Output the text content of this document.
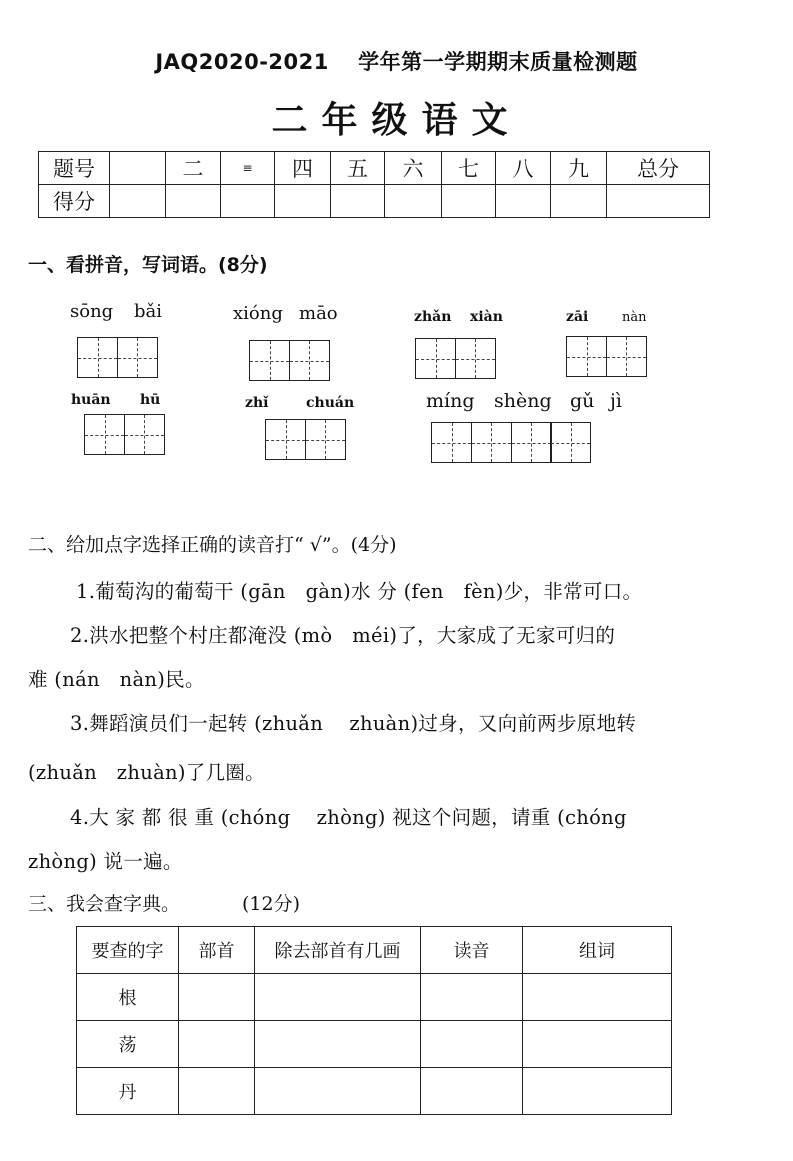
JAQ2020-2021　 学年第一学期期末质量检测题
二年级语文
题号		二	≡	四	五	六	七	八	九	总分
得分										
一、看拼音，写词语。(8分)
sōng bǎi	xióng māo	zhǎn xiàn	zāi	nàn
huān hū	zhǐ	chuán	míng shèng gǔ jì
二、给加点字选择正确的读音打“ √”。(4分)
1.葡萄沟的葡萄干 (gān　gàn)水 分 (fen　fèn)少，非常可口。
2.洪水把整个村庄都淹没 (mò　méi)了，大家成了无家可归的
难 (nán　nàn)民。
3.舞蹈演员们一起转 (zhuǎn　 zhuàn)过身，又向前两步原地转
(zhuǎn　zhuàn)了几圈。
4.大 家 都 很 重 (chóng　 zhòng) 视这个问题，请重 (chóng
zhòng) 说一遍。
三、我会查字典。	(12分)
要查的字	部首	除去部首有几画	读音	组词
根				
荡				
丹				
